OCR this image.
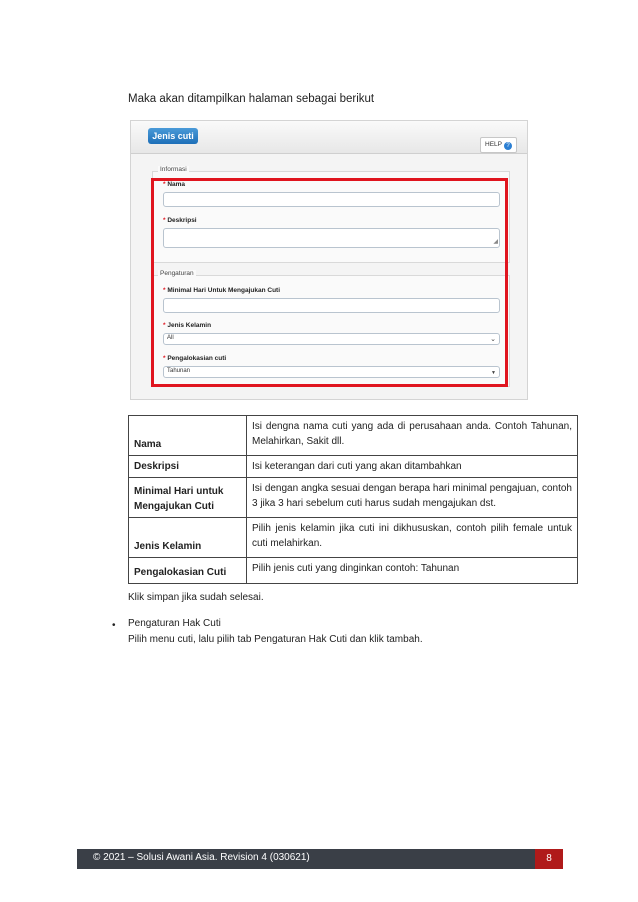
Maka akan ditampilkan halaman sebagai berikut
Jenis cuti
HELP ?
Informasi
Pengaturan
* Nama
* Deskripsi
◢
* Minimal Hari Untuk Mengajukan Cuti
* Jenis Kelamin
All	⌄
* Pengalokasian cuti
Tahunan	▼
Nama	Isi dengna nama cuti yang ada di perusahaan anda. Contoh Tahunan, Melahirkan, Sakit dll.
Deskripsi	Isi keterangan dari cuti yang akan ditambahkan
Minimal Hari untuk Mengajukan Cuti	Isi dengan angka sesuai dengan berapa hari minimal pengajuan, contoh 3 jika 3 hari sebelum cuti harus sudah mengajukan dst.
Jenis Kelamin	Pilih jenis kelamin jika cuti ini dikhususkan, contoh pilih female untuk cuti melahirkan.
Pengalokasian Cuti	Pilih jenis cuti yang dinginkan contoh: Tahunan
Klik simpan jika sudah selesai.
• Pengaturan Hak Cuti
Pilih menu cuti, lalu pilih tab Pengaturan Hak Cuti dan klik tambah.
© 2021 – Solusi Awani Asia. Revision 4 (030621)	8
